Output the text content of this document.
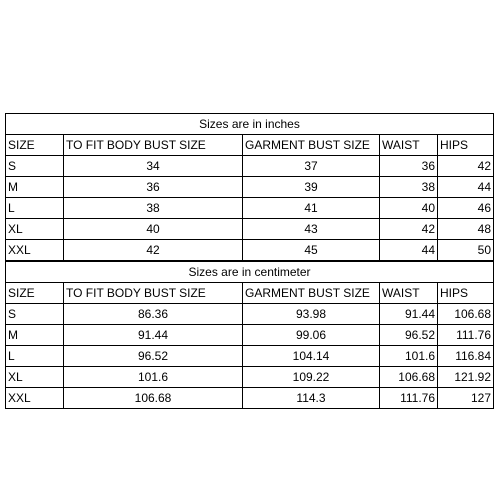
Sizes are in inches				
SIZE	TO FIT BODY BUST SIZE	GARMENT BUST SIZE	WAIST	HIPS
S	34	37	36	42
M	36	39	38	44
L	38	41	40	46
XL	40	43	42	48
XXL	42	45	44	50
Sizes are in centimeter				
SIZE	TO FIT BODY BUST SIZE	GARMENT BUST SIZE	WAIST	HIPS
S	86.36	93.98	91.44	106.68
M	91.44	99.06	96.52	111.76
L	96.52	104.14	101.6	116.84
XL	101.6	109.22	106.68	121.92
XXL	106.68	114.3	111.76	127
